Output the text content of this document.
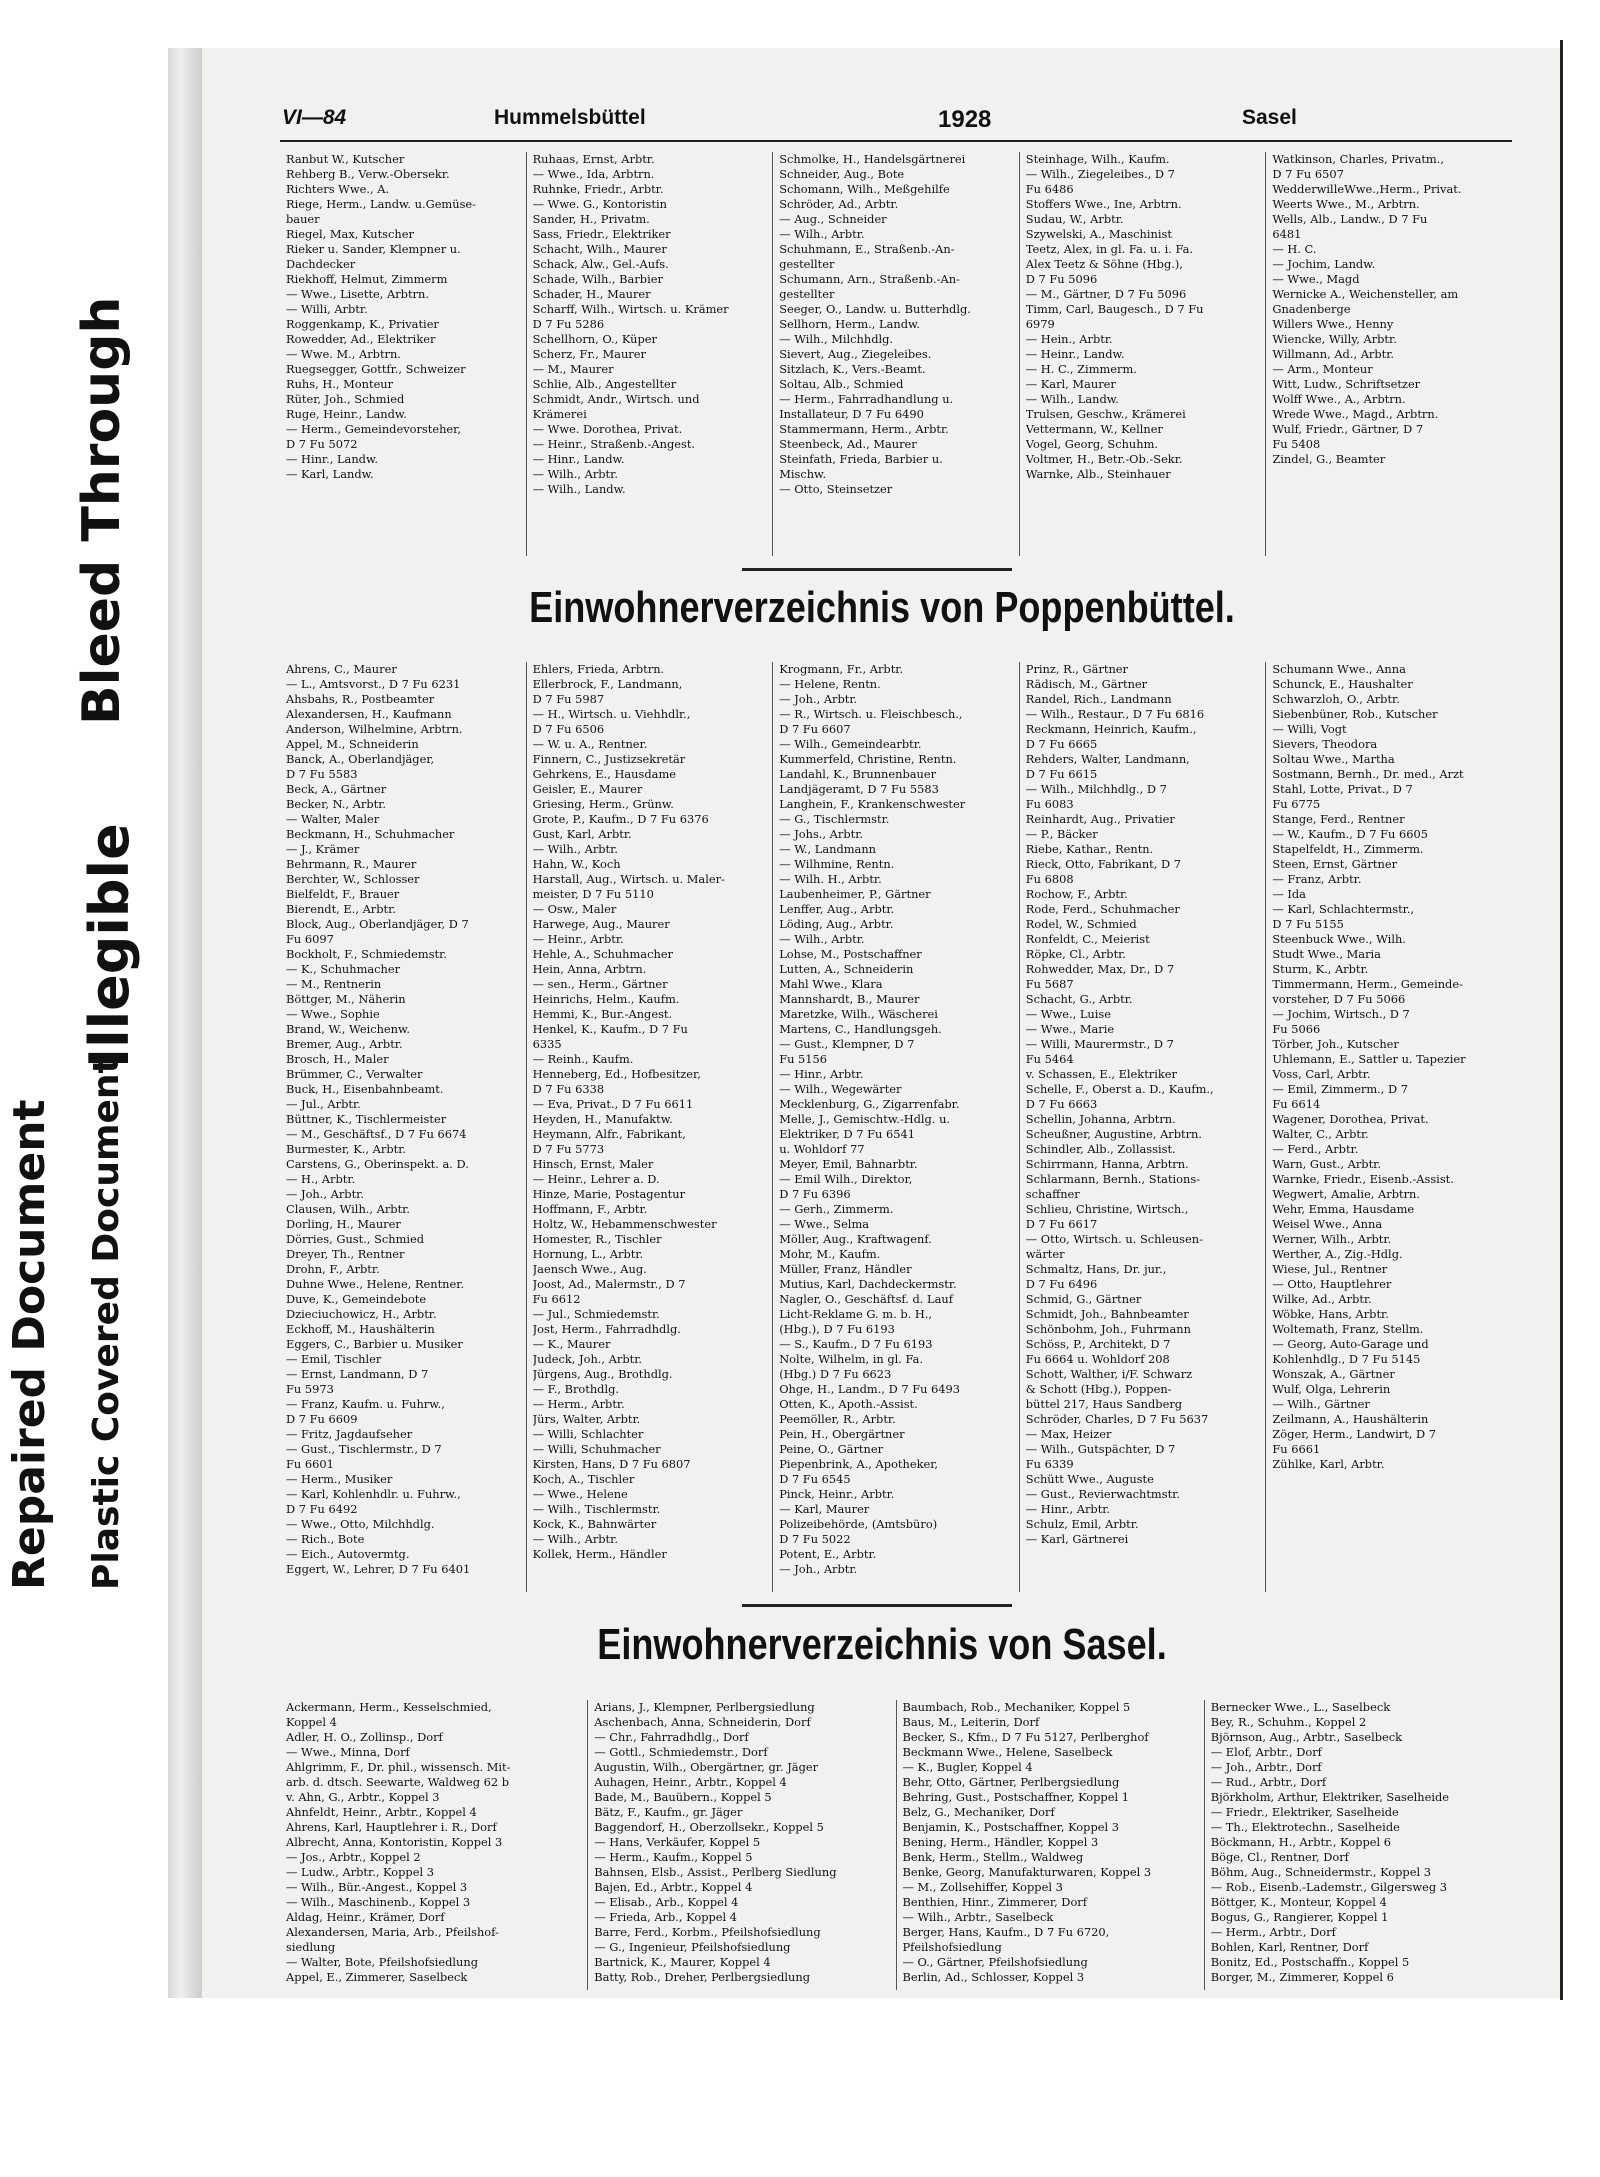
Bleed Through
Illegible
Repaired Document Plastic Covered Document
VI—84	Hummelsbüttel	1928	Sasel
Ranbut W., Kutscher
Rehberg B., Verw.-Obersekr.
Richters Wwe., A.
Riege, Herm., Landw. u.Gemüse-
bauer
Riegel, Max, Kutscher
Rieker u. Sander, Klempner u.
Dachdecker
Riekhoff, Helmut, Zimmerm
— Wwe., Lisette, Arbtrn.
— Willi, Arbtr.
Roggenkamp, K., Privatier
Rowedder, Ad., Elektriker
— Wwe. M., Arbtrn.
Ruegsegger, Gottfr., Schweizer
Ruhs, H., Monteur
Rüter, Joh., Schmied
Ruge, Heinr., Landw.
— Herm., Gemeindevorsteher,
D 7 Fu 5072
— Hinr., Landw.
— Karl, Landw.
Ruhaas, Ernst, Arbtr.
— Wwe., Ida, Arbtrn.
Ruhnke, Friedr., Arbtr.
— Wwe. G., Kontoristin
Sander, H., Privatm.
Sass, Friedr., Elektriker
Schacht, Wilh., Maurer
Schack, Alw., Gel.-Aufs.
Schade, Wilh., Barbier
Schader, H., Maurer
Scharff, Wilh., Wirtsch. u. Krämer
D 7 Fu 5286
Schellhorn, O., Küper
Scherz, Fr., Maurer
— M., Maurer
Schlie, Alb., Angestellter
Schmidt, Andr., Wirtsch. und
Krämerei
— Wwe. Dorothea, Privat.
— Heinr., Straßenb.-Angest.
— Hinr., Landw.
— Wilh., Arbtr.
— Wilh., Landw.
Schmolke, H., Handelsgärtnerei
Schneider, Aug., Bote
Schomann, Wilh., Meßgehilfe
Schröder, Ad., Arbtr.
— Aug., Schneider
— Wilh., Arbtr.
Schuhmann, E., Straßenb.-An-
gestellter
Schumann, Arn., Straßenb.-An-
gestellter
Seeger, O., Landw. u. Butterhdlg.
Sellhorn, Herm., Landw.
— Wilh., Milchhdlg.
Sievert, Aug., Ziegeleibes.
Sitzlach, K., Vers.-Beamt.
Soltau, Alb., Schmied
— Herm., Fahrradhandlung u.
Installateur, D 7 Fu 6490
Stammermann, Herm., Arbtr.
Steenbeck, Ad., Maurer
Steinfath, Frieda, Barbier u.
Mischw.
— Otto, Steinsetzer
Steinhage, Wilh., Kaufm.
— Wilh., Ziegeleibes., D 7
Fu 6486
Stoffers Wwe., Ine, Arbtrn.
Sudau, W., Arbtr.
Szywelski, A., Maschinist
Teetz, Alex, in gl. Fa. u. i. Fa.
Alex Teetz & Söhne (Hbg.),
D 7 Fu 5096
— M., Gärtner, D 7 Fu 5096
Timm, Carl, Baugesch., D 7 Fu
6979
— Hein., Arbtr.
— Heinr., Landw.
— H. C., Zimmerm.
— Karl, Maurer
— Wilh., Landw.
Trulsen, Geschw., Krämerei
Vettermann, W., Kellner
Vogel, Georg, Schuhm.
Voltmer, H., Betr.-Ob.-Sekr.
Warnke, Alb., Steinhauer
Watkinson, Charles, Privatm.,
D 7 Fu 6507
WedderwilleWwe.,Herm., Privat.
Weerts Wwe., M., Arbtrn.
Wells, Alb., Landw., D 7 Fu
6481
— H. C.
— Jochim, Landw.
— Wwe., Magd
Wernicke A., Weichensteller, am
Gnadenberge
Willers Wwe., Henny
Wiencke, Willy, Arbtr.
Willmann, Ad., Arbtr.
— Arm., Monteur
Witt, Ludw., Schriftsetzer
Wolff Wwe., A., Arbtrn.
Wrede Wwe., Magd., Arbtrn.
Wulf, Friedr., Gärtner, D 7
Fu 5408
Zindel, G., Beamter
Einwohnerverzeichnis von Poppenbüttel.
Ahrens, C., Maurer
— L., Amtsvorst., D 7 Fu 6231
Ahsbahs, R., Postbeamter
Alexandersen, H., Kaufmann
Anderson, Wilhelmine, Arbtrn.
Appel, M., Schneiderin
Banck, A., Oberlandjäger,
D 7 Fu 5583
Beck, A., Gärtner
Becker, N., Arbtr.
— Walter, Maler
Beckmann, H., Schuhmacher
— J., Krämer
Behrmann, R., Maurer
Berchter, W., Schlosser
Bielfeldt, F., Brauer
Bierendt, E., Arbtr.
Block, Aug., Oberlandjäger, D 7
Fu 6097
Bockholt, F., Schmiedemstr.
— K., Schuhmacher
— M., Rentnerin
Böttger, M., Näherin
— Wwe., Sophie
Brand, W., Weichenw.
Bremer, Aug., Arbtr.
Brosch, H., Maler
Brümmer, C., Verwalter
Buck, H., Eisenbahnbeamt.
— Jul., Arbtr.
Büttner, K., Tischlermeister
— M., Geschäftsf., D 7 Fu 6674
Burmester, K., Arbtr.
Carstens, G., Oberinspekt. a. D.
— H., Arbtr.
— Joh., Arbtr.
Clausen, Wilh., Arbtr.
Dorling, H., Maurer
Dörries, Gust., Schmied
Dreyer, Th., Rentner
Drohn, F., Arbtr.
Duhne Wwe., Helene, Rentner.
Duve, K., Gemeindebote
Dzieciuchowicz, H., Arbtr.
Eckhoff, M., Haushälterin
Eggers, C., Barbier u. Musiker
— Emil, Tischler
— Ernst, Landmann, D 7
Fu 5973
— Franz, Kaufm. u. Fuhrw.,
D 7 Fu 6609
— Fritz, Jagdaufseher
— Gust., Tischlermstr., D 7
Fu 6601
— Herm., Musiker
— Karl, Kohlenhdlr. u. Fuhrw.,
D 7 Fu 6492
— Wwe., Otto, Milchhdlg.
— Rich., Bote
— Eich., Autovermtg.
Eggert, W., Lehrer, D 7 Fu 6401
Ehlers, Frieda, Arbtrn.
Ellerbrock, F., Landmann,
D 7 Fu 5987
— H., Wirtsch. u. Viehhdlr.,
D 7 Fu 6506
— W. u. A., Rentner.
Finnern, C., Justizsekretär
Gehrkens, E., Hausdame
Geisler, E., Maurer
Griesing, Herm., Grünw.
Grote, P., Kaufm., D 7 Fu 6376
Gust, Karl, Arbtr.
— Wilh., Arbtr.
Hahn, W., Koch
Harstall, Aug., Wirtsch. u. Maler-
meister, D 7 Fu 5110
— Osw., Maler
Harwege, Aug., Maurer
— Heinr., Arbtr.
Hehle, A., Schuhmacher
Hein, Anna, Arbtrn.
— sen., Herm., Gärtner
Heinrichs, Helm., Kaufm.
Hemmi, K., Bur.-Angest.
Henkel, K., Kaufm., D 7 Fu
6335
— Reinh., Kaufm.
Henneberg, Ed., Hofbesitzer,
D 7 Fu 6338
— Eva, Privat., D 7 Fu 6611
Heyden, H., Manufaktw.
Heymann, Alfr., Fabrikant,
D 7 Fu 5773
Hinsch, Ernst, Maler
— Heinr., Lehrer a. D.
Hinze, Marie, Postagentur
Hoffmann, F., Arbtr.
Holtz, W., Hebammenschwester
Homester, R., Tischler
Hornung, L., Arbtr.
Jaensch Wwe., Aug.
Joost, Ad., Malermstr., D 7
Fu 6612
— Jul., Schmiedemstr.
Jost, Herm., Fahrradhdlg.
— K., Maurer
Judeck, Joh., Arbtr.
Jürgens, Aug., Brothdlg.
— F., Brothdlg.
— Herm., Arbtr.
Jürs, Walter, Arbtr.
— Willi, Schlachter
— Willi, Schuhmacher
Kirsten, Hans, D 7 Fu 6807
Koch, A., Tischler
— Wwe., Helene
— Wilh., Tischlermstr.
Kock, K., Bahnwärter
— Wilh., Arbtr.
Kollek, Herm., Händler
Krogmann, Fr., Arbtr.
— Helene, Rentn.
— Joh., Arbtr.
— R., Wirtsch. u. Fleischbesch.,
D 7 Fu 6607
— Wilh., Gemeindearbtr.
Kummerfeld, Christine, Rentn.
Landahl, K., Brunnenbauer
Landjägeramt, D 7 Fu 5583
Langhein, F., Krankenschwester
— G., Tischlermstr.
— Johs., Arbtr.
— W., Landmann
— Wilhmine, Rentn.
— Wilh. H., Arbtr.
Laubenheimer, P., Gärtner
Lenffer, Aug., Arbtr.
Löding, Aug., Arbtr.
— Wilh., Arbtr.
Lohse, M., Postschaffner
Lutten, A., Schneiderin
Mahl Wwe., Klara
Mannshardt, B., Maurer
Maretzke, Wilh., Wäscherei
Martens, C., Handlungsgeh.
— Gust., Klempner, D 7
Fu 5156
— Hinr., Arbtr.
— Wilh., Wegewärter
Mecklenburg, G., Zigarrenfabr.
Melle, J., Gemischtw.-Hdlg. u.
Elektriker, D 7 Fu 6541
u. Wohldorf 77
Meyer, Emil, Bahnarbtr.
— Emil Wilh., Direktor,
D 7 Fu 6396
— Gerh., Zimmerm.
— Wwe., Selma
Möller, Aug., Kraftwagenf.
Mohr, M., Kaufm.
Müller, Franz, Händler
Mutius, Karl, Dachdeckermstr.
Nagler, O., Geschäftsf. d. Lauf
Licht-Reklame G. m. b. H.,
(Hbg.), D 7 Fu 6193
— S., Kaufm., D 7 Fu 6193
Nolte, Wilhelm, in gl. Fa.
(Hbg.) D 7 Fu 6623
Ohge, H., Landm., D 7 Fu 6493
Otten, K., Apoth.-Assist.
Peemöller, R., Arbtr.
Pein, H., Obergärtner
Peine, O., Gärtner
Piepenbrink, A., Apotheker,
D 7 Fu 6545
Pinck, Heinr., Arbtr.
— Karl, Maurer
Polizeibehörde, (Amtsbüro)
D 7 Fu 5022
Potent, E., Arbtr.
— Joh., Arbtr.
Prinz, R., Gärtner
Rädisch, M., Gärtner
Randel, Rich., Landmann
— Wilh., Restaur., D 7 Fu 6816
Reckmann, Heinrich, Kaufm.,
D 7 Fu 6665
Rehders, Walter, Landmann,
D 7 Fu 6615
— Wilh., Milchhdlg., D 7
Fu 6083
Reinhardt, Aug., Privatier
— P., Bäcker
Riebe, Kathar., Rentn.
Rieck, Otto, Fabrikant, D 7
Fu 6808
Rochow, F., Arbtr.
Rode, Ferd., Schuhmacher
Rodel, W., Schmied
Ronfeldt, C., Meierist
Röpke, Cl., Arbtr.
Rohwedder, Max, Dr., D 7
Fu 5687
Schacht, G., Arbtr.
— Wwe., Luise
— Wwe., Marie
— Willi, Maurermstr., D 7
Fu 5464
v. Schassen, E., Elektriker
Schelle, F., Oberst a. D., Kaufm.,
D 7 Fu 6663
Schellin, Johanna, Arbtrn.
Scheußner, Augustine, Arbtrn.
Schindler, Alb., Zollassist.
Schirrmann, Hanna, Arbtrn.
Schlarmann, Bernh., Stations-
schaffner
Schlieu, Christine, Wirtsch.,
D 7 Fu 6617
— Otto, Wirtsch. u. Schleusen-
wärter
Schmaltz, Hans, Dr. jur.,
D 7 Fu 6496
Schmid, G., Gärtner
Schmidt, Joh., Bahnbeamter
Schönbohm, Joh., Fuhrmann
Schöss, P., Architekt, D 7
Fu 6664 u. Wohldorf 208
Schott, Walther, i/F. Schwarz
& Schott (Hbg.), Poppen-
büttel 217, Haus Sandberg
Schröder, Charles, D 7 Fu 5637
— Max, Heizer
— Wilh., Gutspächter, D 7
Fu 6339
Schütt Wwe., Auguste
— Gust., Revierwachtmstr.
— Hinr., Arbtr.
Schulz, Emil, Arbtr.
— Karl, Gärtnerei
Schumann Wwe., Anna
Schunck, E., Haushalter
Schwarzloh, O., Arbtr.
Siebenbüner, Rob., Kutscher
— Willi, Vogt
Sievers, Theodora
Soltau Wwe., Martha
Sostmann, Bernh., Dr. med., Arzt
Stahl, Lotte, Privat., D 7
Fu 6775
Stange, Ferd., Rentner
— W., Kaufm., D 7 Fu 6605
Stapelfeldt, H., Zimmerm.
Steen, Ernst, Gärtner
— Franz, Arbtr.
— Ida
— Karl, Schlachtermstr.,
D 7 Fu 5155
Steenbuck Wwe., Wilh.
Studt Wwe., Maria
Sturm, K., Arbtr.
Timmermann, Herm., Gemeinde-
vorsteher, D 7 Fu 5066
— Jochim, Wirtsch., D 7
Fu 5066
Törber, Joh., Kutscher
Uhlemann, E., Sattler u. Tapezier
Voss, Carl, Arbtr.
— Emil, Zimmerm., D 7
Fu 6614
Wagener, Dorothea, Privat.
Walter, C., Arbtr.
— Ferd., Arbtr.
Warn, Gust., Arbtr.
Warnke, Friedr., Eisenb.-Assist.
Wegwert, Amalie, Arbtrn.
Wehr, Emma, Hausdame
Weisel Wwe., Anna
Werner, Wilh., Arbtr.
Werther, A., Zig.-Hdlg.
Wiese, Jul., Rentner
— Otto, Hauptlehrer
Wilke, Ad., Arbtr.
Wöbke, Hans, Arbtr.
Woltemath, Franz, Stellm.
— Georg, Auto-Garage und
Kohlenhdlg., D 7 Fu 5145
Wonszak, A., Gärtner
Wulf, Olga, Lehrerin
— Wilh., Gärtner
Zeilmann, A., Haushälterin
Zöger, Herm., Landwirt, D 7
Fu 6661
Zühlke, Karl, Arbtr.
Einwohnerverzeichnis von Sasel.
Ackermann, Herm., Kesselschmied,
Koppel 4
Adler, H. O., Zollinsp., Dorf
— Wwe., Minna, Dorf
Ahlgrimm, F., Dr. phil., wissensch. Mit-
arb. d. dtsch. Seewarte, Waldweg 62 b
v. Ahn, G., Arbtr., Koppel 3
Ahnfeldt, Heinr., Arbtr., Koppel 4
Ahrens, Karl, Hauptlehrer i. R., Dorf
Albrecht, Anna, Kontoristin, Koppel 3
— Jos., Arbtr., Koppel 2
— Ludw., Arbtr., Koppel 3
— Wilh., Bür.-Angest., Koppel 3
— Wilh., Maschinenb., Koppel 3
Aldag, Heinr., Krämer, Dorf
Alexandersen, Maria, Arb., Pfeilshof-
siedlung
— Walter, Bote, Pfeilshofsiedlung
Appel, E., Zimmerer, Saselbeck
Arians, J., Klempner, Perlbergsiedlung
Aschenbach, Anna, Schneiderin, Dorf
— Chr., Fahrradhdlg., Dorf
— Gottl., Schmiedemstr., Dorf
Augustin, Wilh., Obergärtner, gr. Jäger
Auhagen, Heinr., Arbtr., Koppel 4
Bade, M., Bauübern., Koppel 5
Bätz, F., Kaufm., gr. Jäger
Baggendorf, H., Oberzollsekr., Koppel 5
— Hans, Verkäufer, Koppel 5
— Herm., Kaufm., Koppel 5
Bahnsen, Elsb., Assist., Perlberg Siedlung
Bajen, Ed., Arbtr., Koppel 4
— Elisab., Arb., Koppel 4
— Frieda, Arb., Koppel 4
Barre, Ferd., Korbm., Pfeilshofsiedlung
— G., Ingenieur, Pfeilshofsiedlung
Bartnick, K., Maurer, Koppel 4
Batty, Rob., Dreher, Perlbergsiedlung
Baumbach, Rob., Mechaniker, Koppel 5
Baus, M., Leiterin, Dorf
Becker, S., Kfm., D 7 Fu 5127, Perlberghof
Beckmann Wwe., Helene, Saselbeck
— K., Bugler, Koppel 4
Behr, Otto, Gärtner, Perlbergsiedlung
Behring, Gust., Postschaffner, Koppel 1
Belz, G., Mechaniker, Dorf
Benjamin, K., Postschaffner, Koppel 3
Bening, Herm., Händler, Koppel 3
Benk, Herm., Stellm., Waldweg
Benke, Georg, Manufakturwaren, Koppel 3
— M., Zollsehiffer, Koppel 3
Benthien, Hinr., Zimmerer, Dorf
— Wilh., Arbtr., Saselbeck
Berger, Hans, Kaufm., D 7 Fu 6720,
Pfeilshofsiedlung
— O., Gärtner, Pfeilshofsiedlung
Berlin, Ad., Schlosser, Koppel 3
Bernecker Wwe., L., Saselbeck
Bey, R., Schuhm., Koppel 2
Björnson, Aug., Arbtr., Saselbeck
— Elof, Arbtr., Dorf
— Joh., Arbtr., Dorf
— Rud., Arbtr., Dorf
Björkholm, Arthur, Elektriker, Saselheide
— Friedr., Elektriker, Saselheide
— Th., Elektrotechn., Saselheide
Böckmann, H., Arbtr., Koppel 6
Böge, Cl., Rentner, Dorf
Böhm, Aug., Schneidermstr., Koppel 3
— Rob., Eisenb.-Lademstr., Gilgersweg 3
Böttger, K., Monteur, Koppel 4
Bogus, G., Rangierer, Koppel 1
— Herm., Arbtr., Dorf
Bohlen, Karl, Rentner, Dorf
Bonitz, Ed., Postschaffn., Koppel 5
Borger, M., Zimmerer, Koppel 6
